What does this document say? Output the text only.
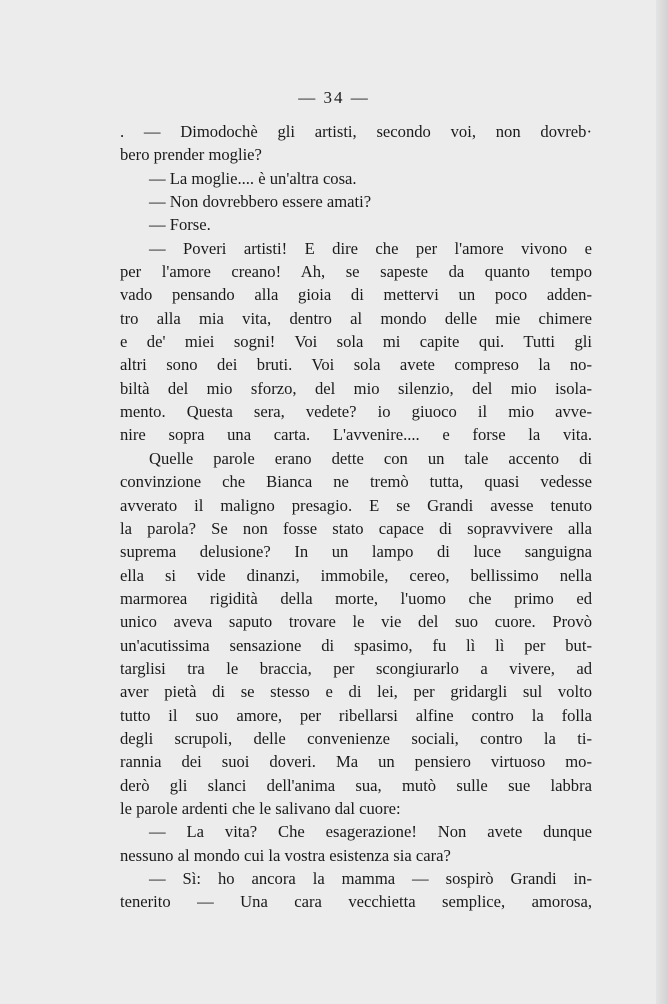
— 34 —
. — Dimodochè gli artisti, secondo voi, non dovreb·
bero prender moglie?
— La moglie.... è un'altra cosa.
— Non dovrebbero essere amati?
— Forse.
— Poveri artisti! E dire che per l'amore vivono e
per l'amore creano! Ah, se sapeste da quanto tempo
vado pensando alla gioia di mettervi un poco adden-
tro alla mia vita, dentro al mondo delle mie chimere
e de' miei sogni! Voi sola mi capite qui. Tutti gli
altri sono dei bruti. Voi sola avete compreso la no-
biltà del mio sforzo, del mio silenzio, del mio isola-
mento. Questa sera, vedete? io giuoco il mio avve-
nire sopra una carta. L'avvenire.... e forse la vita.
Quelle parole erano dette con un tale accento di
convinzione che Bianca ne tremò tutta, quasi vedesse
avverato il maligno presagio. E se Grandi avesse tenuto
la parola? Se non fosse stato capace di sopravvivere alla
suprema delusione? In un lampo di luce sanguigna
ella si vide dinanzi, immobile, cereo, bellissimo nella
marmorea rigidità della morte, l'uomo che primo ed
unico aveva saputo trovare le vie del suo cuore. Provò
un'acutissima sensazione di spasimo, fu lì lì per but-
targlisi tra le braccia, per scongiurarlo a vivere, ad
aver pietà di se stesso e di lei, per gridargli sul volto
tutto il suo amore, per ribellarsi alfine contro la folla
degli scrupoli, delle convenienze sociali, contro la ti-
rannia dei suoi doveri. Ma un pensiero virtuoso mo-
derò gli slanci dell'anima sua, mutò sulle sue labbra
le parole ardenti che le salivano dal cuore:
— La vita? Che esagerazione! Non avete dunque
nessuno al mondo cui la vostra esistenza sia cara?
— Sì: ho ancora la mamma — sospirò Grandi in-
tenerito — Una cara vecchietta semplice, amorosa,
